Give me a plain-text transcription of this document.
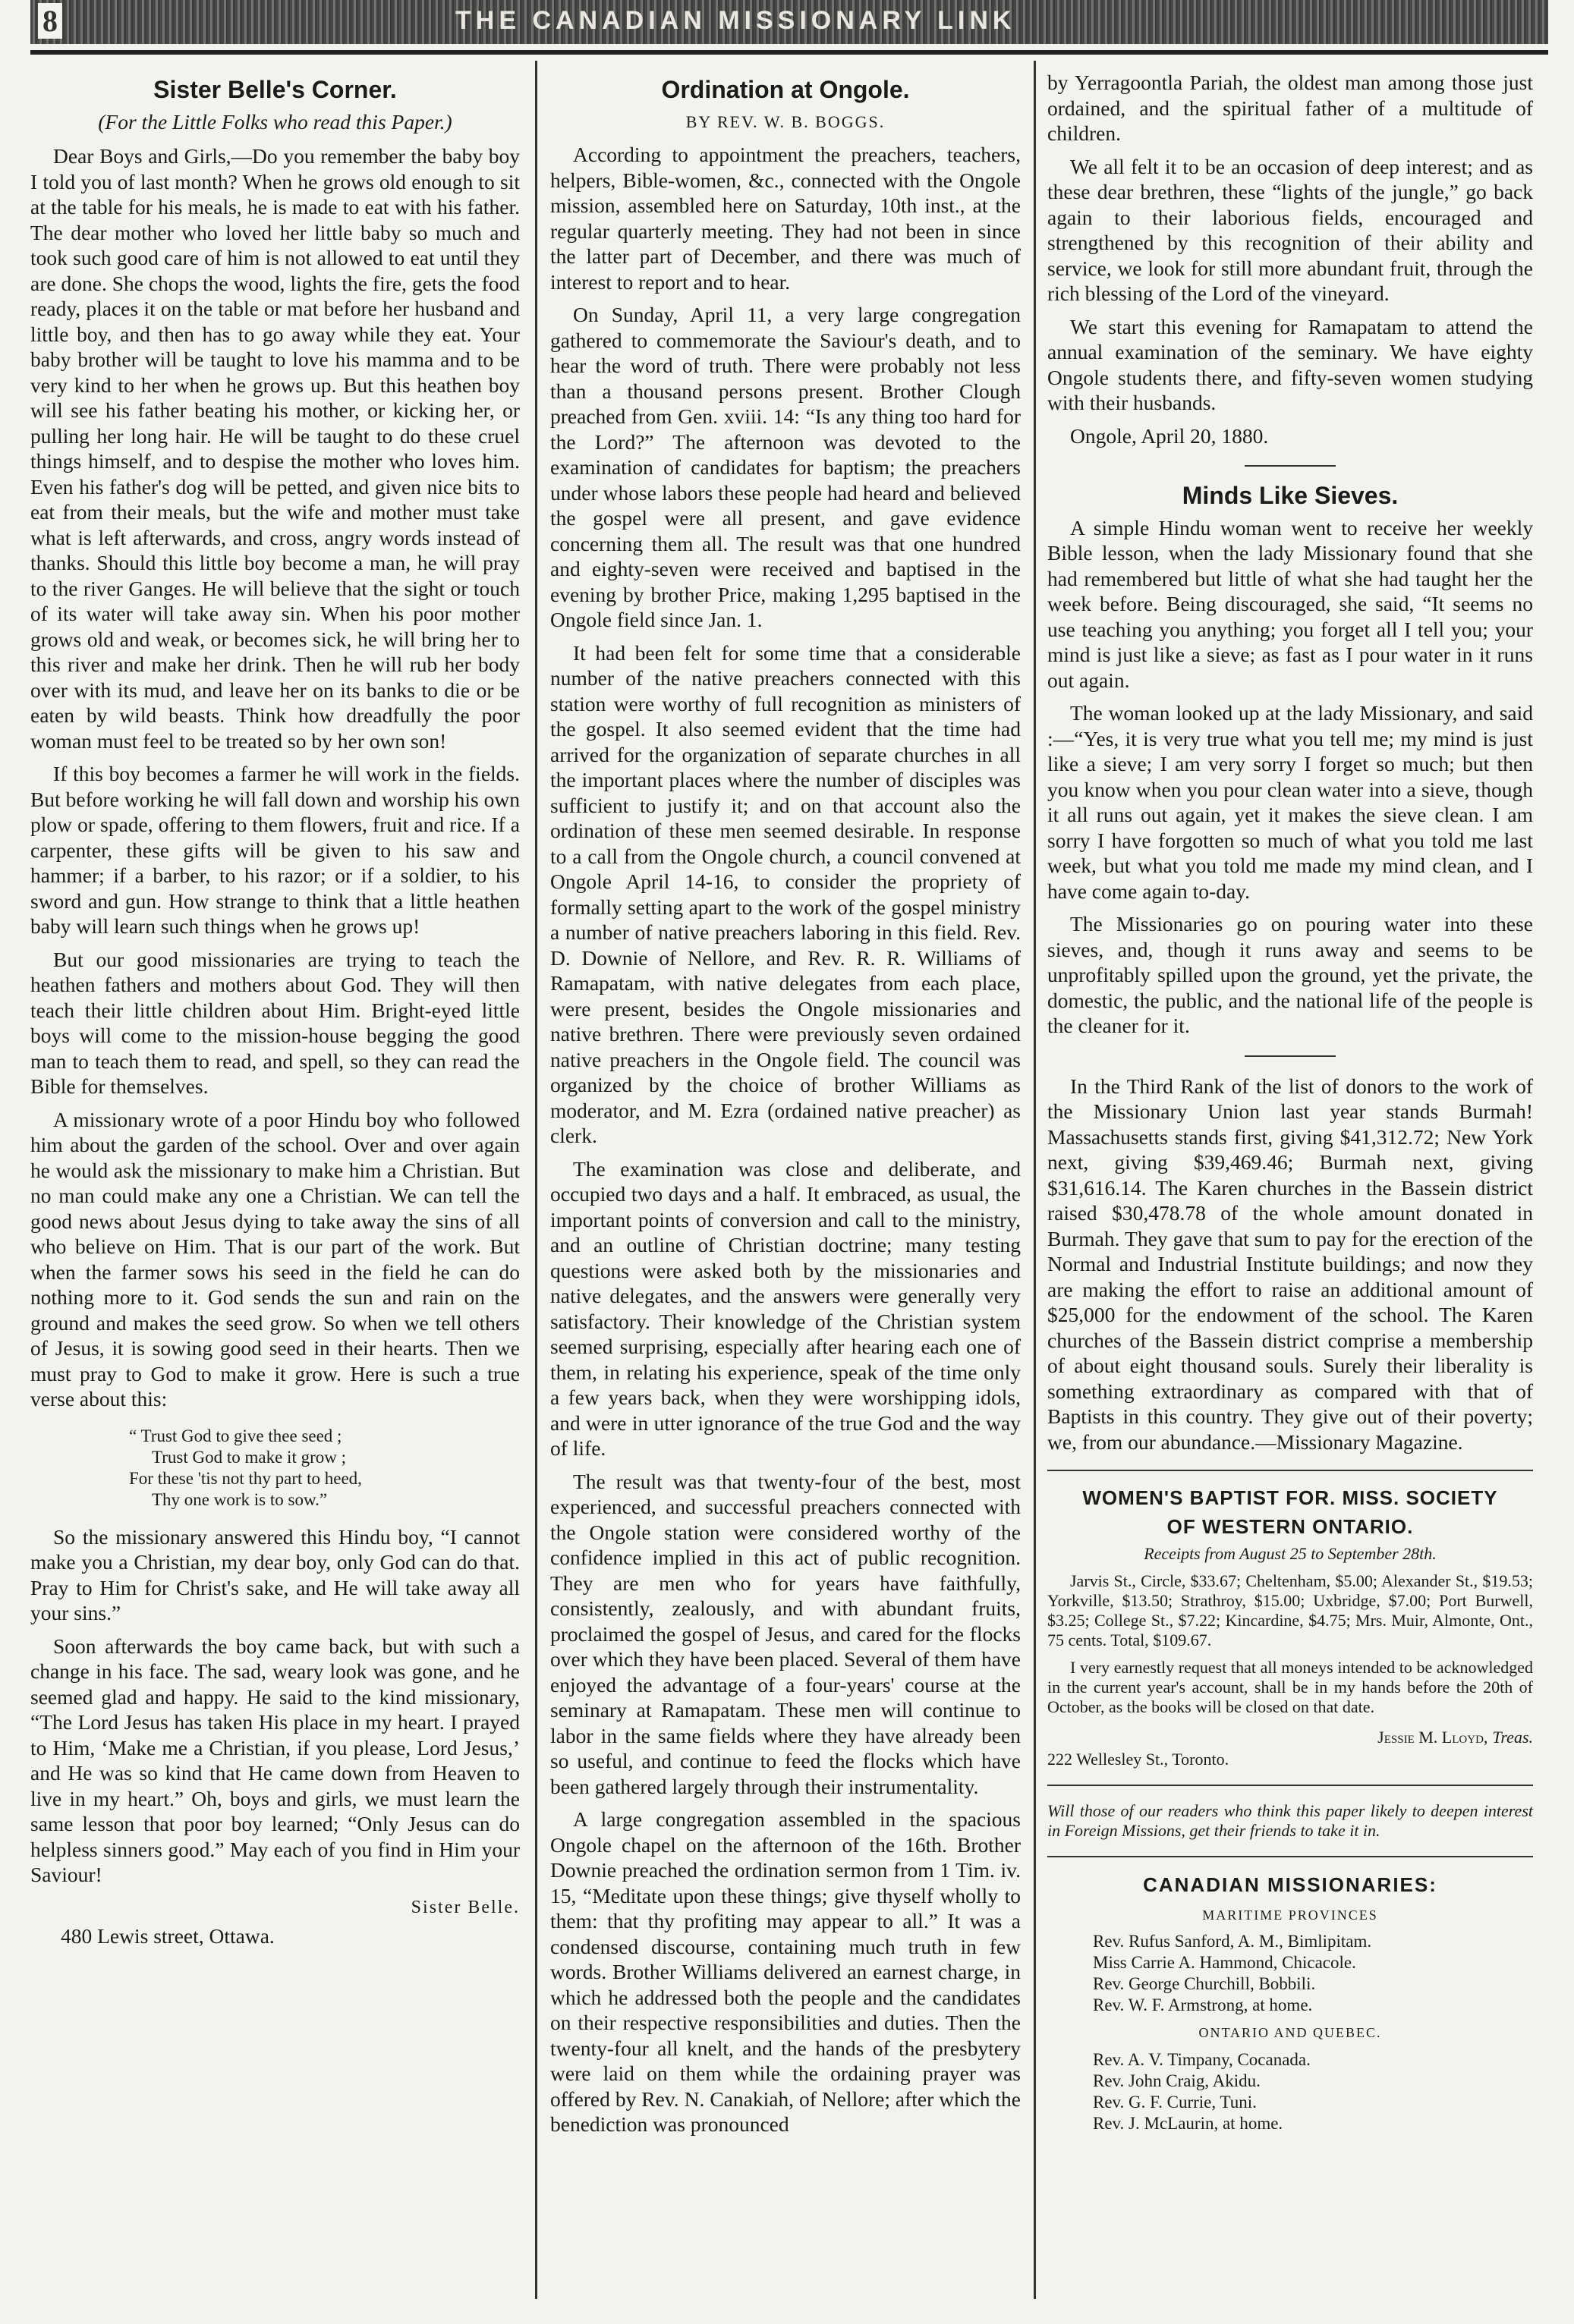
8	THE CANADIAN MISSIONARY LINK
Sister Belle's Corner.
(For the Little Folks who read this Paper.)

Dear Boys and Girls,—Do you remember the baby boy I told you of last month? When he grows old enough to sit at the table for his meals, he is made to eat with his father. The dear mother who loved her little baby so much and took such good care of him is not allowed to eat until they are done. She chops the wood, lights the fire, gets the food ready, places it on the table or mat before her husband and little boy, and then has to go away while they eat. Your baby brother will be taught to love his mamma and to be very kind to her when he grows up. But this heathen boy will see his father beating his mother, or kicking her, or pulling her long hair. He will be taught to do these cruel things himself, and to despise the mother who loves him. Even his father's dog will be petted, and given nice bits to eat from their meals, but the wife and mother must take what is left afterwards, and cross, angry words instead of thanks. Should this little boy become a man, he will pray to the river Ganges. He will believe that the sight or touch of its water will take away sin. When his poor mother grows old and weak, or becomes sick, he will bring her to this river and make her drink. Then he will rub her body over with its mud, and leave her on its banks to die or be eaten by wild beasts. Think how dreadfully the poor woman must feel to be treated so by her own son!

If this boy becomes a farmer he will work in the fields. But before working he will fall down and worship his own plow or spade, offering to them flowers, fruit and rice. If a carpenter, these gifts will be given to his saw and hammer; if a barber, to his razor; or if a soldier, to his sword and gun. How strange to think that a little heathen baby will learn such things when he grows up!

But our good missionaries are trying to teach the heathen fathers and mothers about God. They will then teach their little children about Him. Bright-eyed little boys will come to the mission-house begging the good man to teach them to read, and spell, so they can read the Bible for themselves.

A missionary wrote of a poor Hindu boy who followed him about the garden of the school. Over and over again he would ask the missionary to make him a Christian. But no man could make any one a Christian. We can tell the good news about Jesus dying to take away the sins of all who believe on Him. That is our part of the work. But when the farmer sows his seed in the field he can do nothing more to it. God sends the sun and rain on the ground and makes the seed grow. So when we tell others of Jesus, it is sowing good seed in their hearts. Then we must pray to God to make it grow. Here is such a true verse about this:

“ Trust God to give thee seed ;
Trust God to make it grow ;
For these 'tis not thy part to heed,
Thy one work is to sow.”

So the missionary answered this Hindu boy, “I cannot make you a Christian, my dear boy, only God can do that. Pray to Him for Christ's sake, and He will take away all your sins.”

Soon afterwards the boy came back, but with such a change in his face. The sad, weary look was gone, and he seemed glad and happy. He said to the kind missionary, “The Lord Jesus has taken His place in my heart. I prayed to Him, ‘Make me a Christian, if you please, Lord Jesus,’ and He was so kind that He came down from Heaven to live in my heart.” Oh, boys and girls, we must learn the same lesson that poor boy learned; “Only Jesus can do helpless sinners good.” May each of you find in Him your Saviour!

Sister Belle.
480 Lewis street, Ottawa.
Ordination at Ongole.
BY REV. W. B. BOGGS.

According to appointment the preachers, teachers, helpers, Bible-women, &c., connected with the Ongole mission, assembled here on Saturday, 10th inst., at the regular quarterly meeting. They had not been in since the latter part of December, and there was much of interest to report and to hear.

On Sunday, April 11, a very large congregation gathered to commemorate the Saviour's death, and to hear the word of truth. There were probably not less than a thousand persons present. Brother Clough preached from Gen. xviii. 14: “Is any thing too hard for the Lord?” The afternoon was devoted to the examination of candidates for baptism; the preachers under whose labors these people had heard and believed the gospel were all present, and gave evidence concerning them all. The result was that one hundred and eighty-seven were received and baptised in the evening by brother Price, making 1,295 baptised in the Ongole field since Jan. 1.

It had been felt for some time that a considerable number of the native preachers connected with this station were worthy of full recognition as ministers of the gospel. It also seemed evident that the time had arrived for the organization of separate churches in all the important places where the number of disciples was sufficient to justify it; and on that account also the ordination of these men seemed desirable. In response to a call from the Ongole church, a council convened at Ongole April 14-16, to consider the propriety of formally setting apart to the work of the gospel ministry a number of native preachers laboring in this field. Rev. D. Downie of Nellore, and Rev. R. R. Williams of Ramapatam, with native delegates from each place, were present, besides the Ongole missionaries and native brethren. There were previously seven ordained native preachers in the Ongole field. The council was organized by the choice of brother Williams as moderator, and M. Ezra (ordained native preacher) as clerk.

The examination was close and deliberate, and occupied two days and a half. It embraced, as usual, the important points of conversion and call to the ministry, and an outline of Christian doctrine; many testing questions were asked both by the missionaries and native delegates, and the answers were generally very satisfactory. Their knowledge of the Christian system seemed surprising, especially after hearing each one of them, in relating his experience, speak of the time only a few years back, when they were worshipping idols, and were in utter ignorance of the true God and the way of life.

The result was that twenty-four of the best, most experienced, and successful preachers connected with the Ongole station were considered worthy of the confidence implied in this act of public recognition. They are men who for years have faithfully, consistently, zealously, and with abundant fruits, proclaimed the gospel of Jesus, and cared for the flocks over which they have been placed. Several of them have enjoyed the advantage of a four-years' course at the seminary at Ramapatam. These men will continue to labor in the same fields where they have already been so useful, and continue to feed the flocks which have been gathered largely through their instrumentality.

A large congregation assembled in the spacious Ongole chapel on the afternoon of the 16th. Brother Downie preached the ordination sermon from 1 Tim. iv. 15, “Meditate upon these things; give thyself wholly to them: that thy profiting may appear to all.” It was a condensed discourse, containing much truth in few words. Brother Williams delivered an earnest charge, in which he addressed both the people and the candidates on their respective responsibilities and duties. Then the twenty-four all knelt, and the hands of the presbytery were laid on them while the ordaining prayer was offered by Rev. N. Canakiah, of Nellore; after which the benediction was pronounced

by Yerragoontla Pariah, the oldest man among those just ordained, and the spiritual father of a multitude of children.

We all felt it to be an occasion of deep interest; and as these dear brethren, these “lights of the jungle,” go back again to their laborious fields, encouraged and strengthened by this recognition of their ability and service, we look for still more abundant fruit, through the rich blessing of the Lord of the vineyard.

We start this evening for Ramapatam to attend the annual examination of the seminary. We have eighty Ongole students there, and fifty-seven women studying with their husbands.

Ongole, April 20, 1880.

Minds Like Sieves.

A simple Hindu woman went to receive her weekly Bible lesson, when the lady Missionary found that she had remembered but little of what she had taught her the week before. Being discouraged, she said, “It seems no use teaching you anything; you forget all I tell you; your mind is just like a sieve; as fast as I pour water in it runs out again.

The woman looked up at the lady Missionary, and said :—“Yes, it is very true what you tell me; my mind is just like a sieve; I am very sorry I forget so much; but then you know when you pour clean water into a sieve, though it all runs out again, yet it makes the sieve clean. I am sorry I have forgotten so much of what you told me last week, but what you told me made my mind clean, and I have come again to-day.

The Missionaries go on pouring water into these sieves, and, though it runs away and seems to be unprofitably spilled upon the ground, yet the private, the domestic, the public, and the national life of the people is the cleaner for it.

In the Third Rank of the list of donors to the work of the Missionary Union last year stands Burmah! Massachusetts stands first, giving $41,312.72; New York next, giving $39,469.46; Burmah next, giving $31,616.14. The Karen churches in the Bassein district raised $30,478.78 of the whole amount donated in Burmah. They gave that sum to pay for the erection of the Normal and Industrial Institute buildings; and now they are making the effort to raise an additional amount of $25,000 for the endowment of the school. The Karen churches of the Bassein district comprise a membership of about eight thousand souls. Surely their liberality is something extraordinary as compared with that of Baptists in this country. They give out of their poverty; we, from our abundance.—Missionary Magazine.

WOMEN'S BAPTIST FOR. MISS. SOCIETY
OF WESTERN ONTARIO.
Receipts from August 25 to September 28th.

Jarvis St., Circle, $33.67; Cheltenham, $5.00; Alexander St., $19.53; Yorkville, $13.50; Strathroy, $15.00; Uxbridge, $7.00; Port Burwell, $3.25; College St., $7.22; Kincardine, $4.75; Mrs. Muir, Almonte, Ont., 75 cents. Total, $109.67.

I very earnestly request that all moneys intended to be acknowledged in the current year's account, shall be in my hands before the 20th of October, as the books will be closed on that date.

Jessie M. Lloyd, Treas.
222 Wellesley St., Toronto.
Will those of our readers who think this paper likely to deepen interest in Foreign Missions, get their friends to take it in.
CANADIAN MISSIONARIES:
MARITIME PROVINCES
Rev. Rufus Sanford, A. M., Bimlipitam.
Miss Carrie A. Hammond, Chicacole.
Rev. George Churchill, Bobbili.
Rev. W. F. Armstrong, at home.
ONTARIO AND QUEBEC.
Rev. A. V. Timpany, Cocanada.
Rev. John Craig, Akidu.
Rev. G. F. Currie, Tuni.
Rev. J. McLaurin, at home.
